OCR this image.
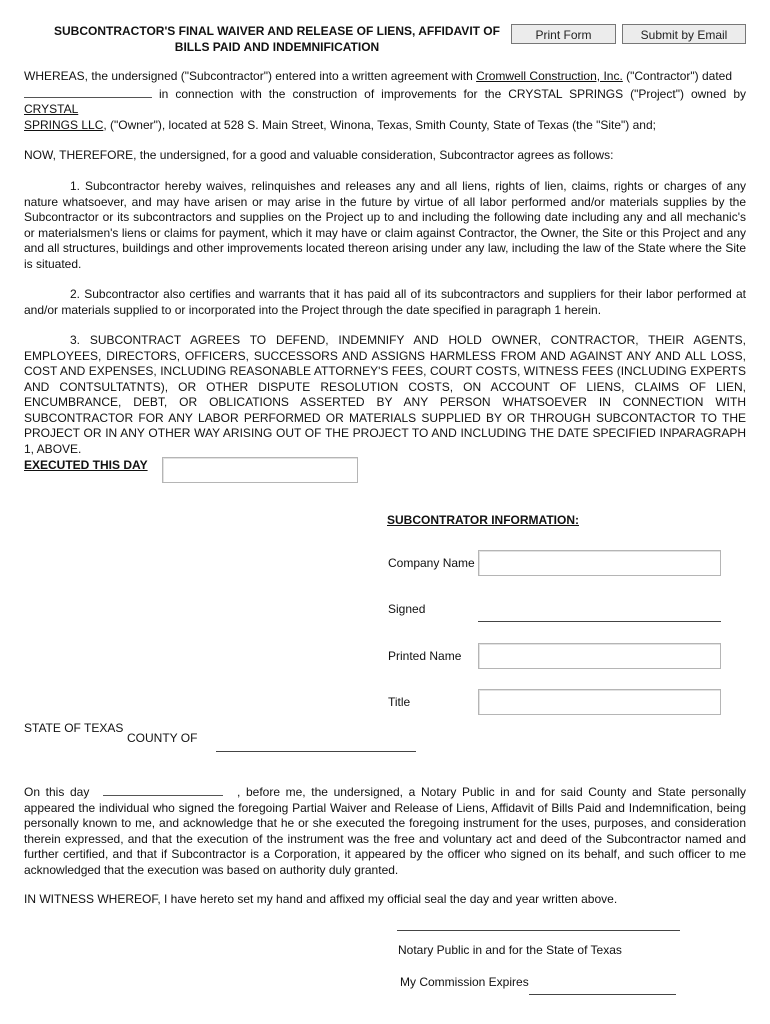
SUBCONTRACTOR'S FINAL WAIVER AND RELEASE OF LIENS, AFFIDAVIT OF
BILLS PAID AND INDEMNIFICATION
Print Form	Submit by Email
WHEREAS, the undersigned ("Subcontractor") entered into a written agreement with Cromwell Construction, Inc. ("Contractor") dated
in connection with the construction of improvements for the CRYSTAL SPRINGS ("Project") owned by CRYSTAL
SPRINGS LLC, ("Owner"), located at 528 S. Main Street, Winona, Texas, Smith County, State of Texas (the "Site") and;
NOW, THEREFORE, the undersigned, for a good and valuable consideration, Subcontractor agrees as follows:
1. Subcontractor hereby waives, relinquishes and releases any and all liens, rights of lien, claims, rights or charges of any nature whatsoever, and may have arisen or may arise in the future by virtue of all labor performed and/or materials supplies by the Subcontractor or its subcontractors and supplies on the Project up to and including the following date including any and all mechanic's or materialsmen's liens or claims for payment, which it may have or claim against Contractor, the Owner, the Site or this Project and any and all structures, buildings and other improvements located thereon arising under any law, including the law of the State where the Site is situated.
2. Subcontractor also certifies and warrants that it has paid all of its subcontractors and suppliers for their labor performed at and/or materials supplied to or incorporated into the Project through the date specified in paragraph 1 herein.
3. SUBCONTRACT AGREES TO DEFEND, INDEMNIFY AND HOLD OWNER, CONTRACTOR, THEIR AGENTS, EMPLOYEES, DIRECTORS, OFFICERS, SUCCESSORS AND ASSIGNS HARMLESS FROM AND AGAINST ANY AND ALL LOSS, COST AND EXPENSES, INCLUDING REASONABLE ATTORNEY'S FEES, COURT COSTS, WITNESS FEES (INCLUDING EXPERTS AND CONTSULTATNTS), OR OTHER DISPUTE RESOLUTION COSTS, ON ACCOUNT OF LIENS, CLAIMS OF LIEN, ENCUMBRANCE, DEBT, OR OBLICATIONS ASSERTED BY ANY PERSON WHATSOEVER IN CONNECTION WITH SUBCONTRACTOR FOR ANY LABOR PERFORMED OR MATERIALS SUPPLIED BY OR THROUGH SUBCONTACTOR TO THE PROJECT OR IN ANY OTHER WAY ARISING OUT OF THE PROJECT TO AND INCLUDING THE DATE SPECIFIED INPARAGRAPH 1, ABOVE.
EXECUTED THIS DAY
SUBCONTRATOR INFORMATION:
Company Name
Signed
Printed Name
Title
STATE OF TEXAS
COUNTY OF
On this day	, before me, the undersigned, a Notary Public in and for said County and State personally appeared the individual who signed the foregoing Partial Waiver and Release of Liens, Affidavit of Bills Paid and Indemnification, being personally known to me, and acknowledge that he or she executed the foregoing instrument for the uses, purposes, and consideration therein expressed, and that the execution of the instrument was the free and voluntary act and deed of the Subcontractor named and further certified, and that if Subcontractor is a Corporation, it appeared by the officer who signed on its behalf, and such officer to me acknowledged that the execution was based on authority duly granted.
IN WITNESS WHEREOF, I have hereto set my hand and affixed my official seal the day and year written above.
Notary Public in and for the State of Texas
My Commission Expires
